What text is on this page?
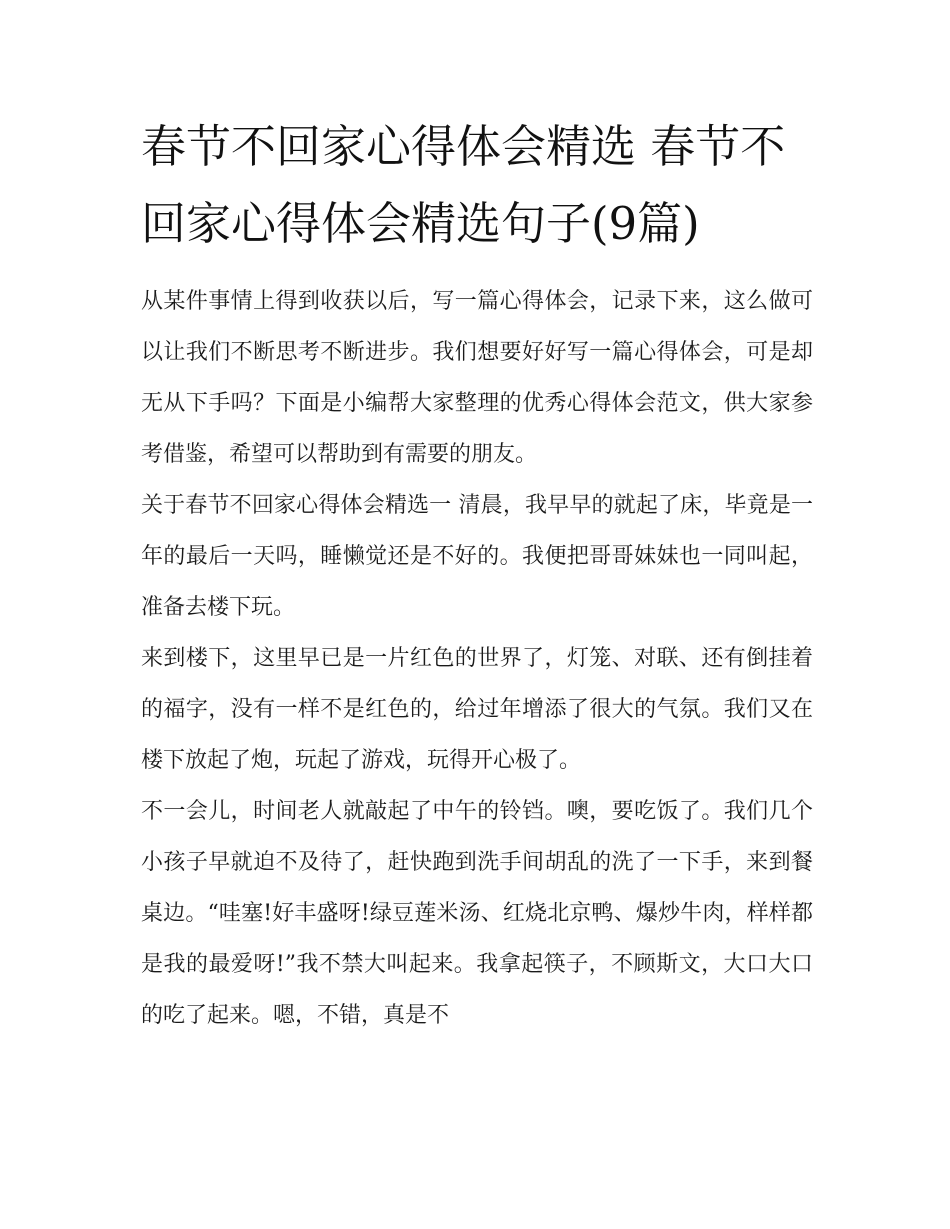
春节不回家心得体会精选 春节不回家心得体会精选句子(9篇)

从某件事情上得到收获以后，写一篇心得体会，记录下来，这么做可以让我们不断思考不断进步。我们想要好好写一篇心得体会，可是却无从下手吗？下面是小编帮大家整理的优秀心得体会范文，供大家参考借鉴，希望可以帮助到有需要的朋友。

关于春节不回家心得体会精选一 清晨，我早早的就起了床，毕竟是一年的最后一天吗，睡懒觉还是不好的。我便把哥哥妹妹也一同叫起，准备去楼下玩。

来到楼下，这里早已是一片红色的世界了，灯笼、对联、还有倒挂着的福字，没有一样不是红色的，给过年增添了很大的气氛。我们又在楼下放起了炮，玩起了游戏，玩得开心极了。

不一会儿，时间老人就敲起了中午的铃铛。噢，要吃饭了。我们几个小孩子早就迫不及待了，赶快跑到洗手间胡乱的洗了一下手，来到餐桌边。“哇塞!好丰盛呀!绿豆莲米汤、红烧北京鸭、爆炒牛肉，样样都是我的最爱呀!”我不禁大叫起来。我拿起筷子，不顾斯文，大口大口的吃了起来。嗯，不错，真是不
